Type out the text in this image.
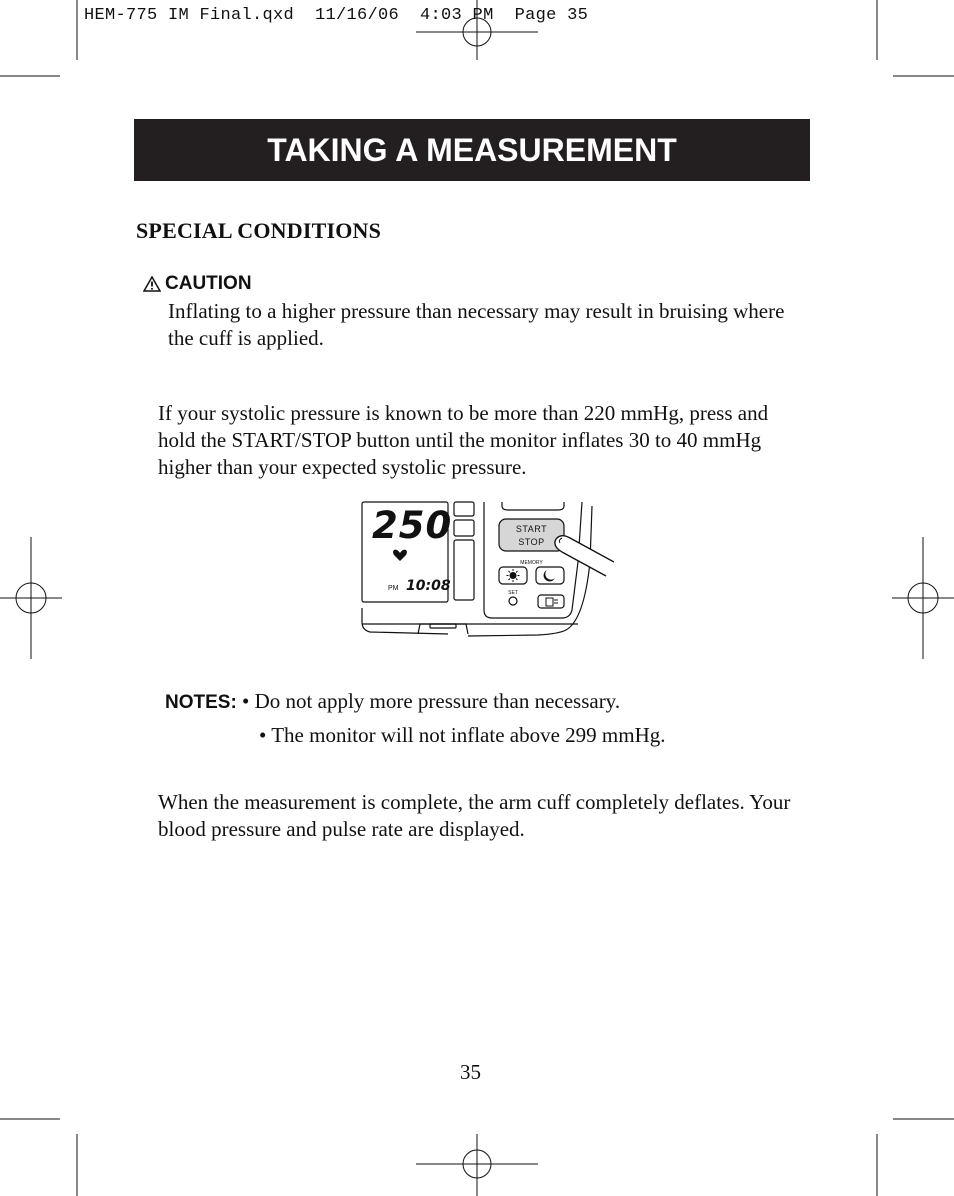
HEM-775 IM Final.qxd  11/16/06  4:03 PM  Page 35
TAKING A MEASUREMENT
SPECIAL CONDITIONS
CAUTION
Inflating to a higher pressure than necessary may result in bruising where the cuff is applied.
If your systolic pressure is known to be more than 220 mmHg, press and hold the START/STOP button until the monitor inflates 30 to 40 mmHg higher than your expected systolic pressure.
250
PM 10:08
START
STOP
MEMORY
SET
NOTES: • Do not apply more pressure than necessary.
• The monitor will not inflate above 299 mmHg.
When the measurement is complete, the arm cuff completely deflates. Your blood pressure and pulse rate are displayed.
35
